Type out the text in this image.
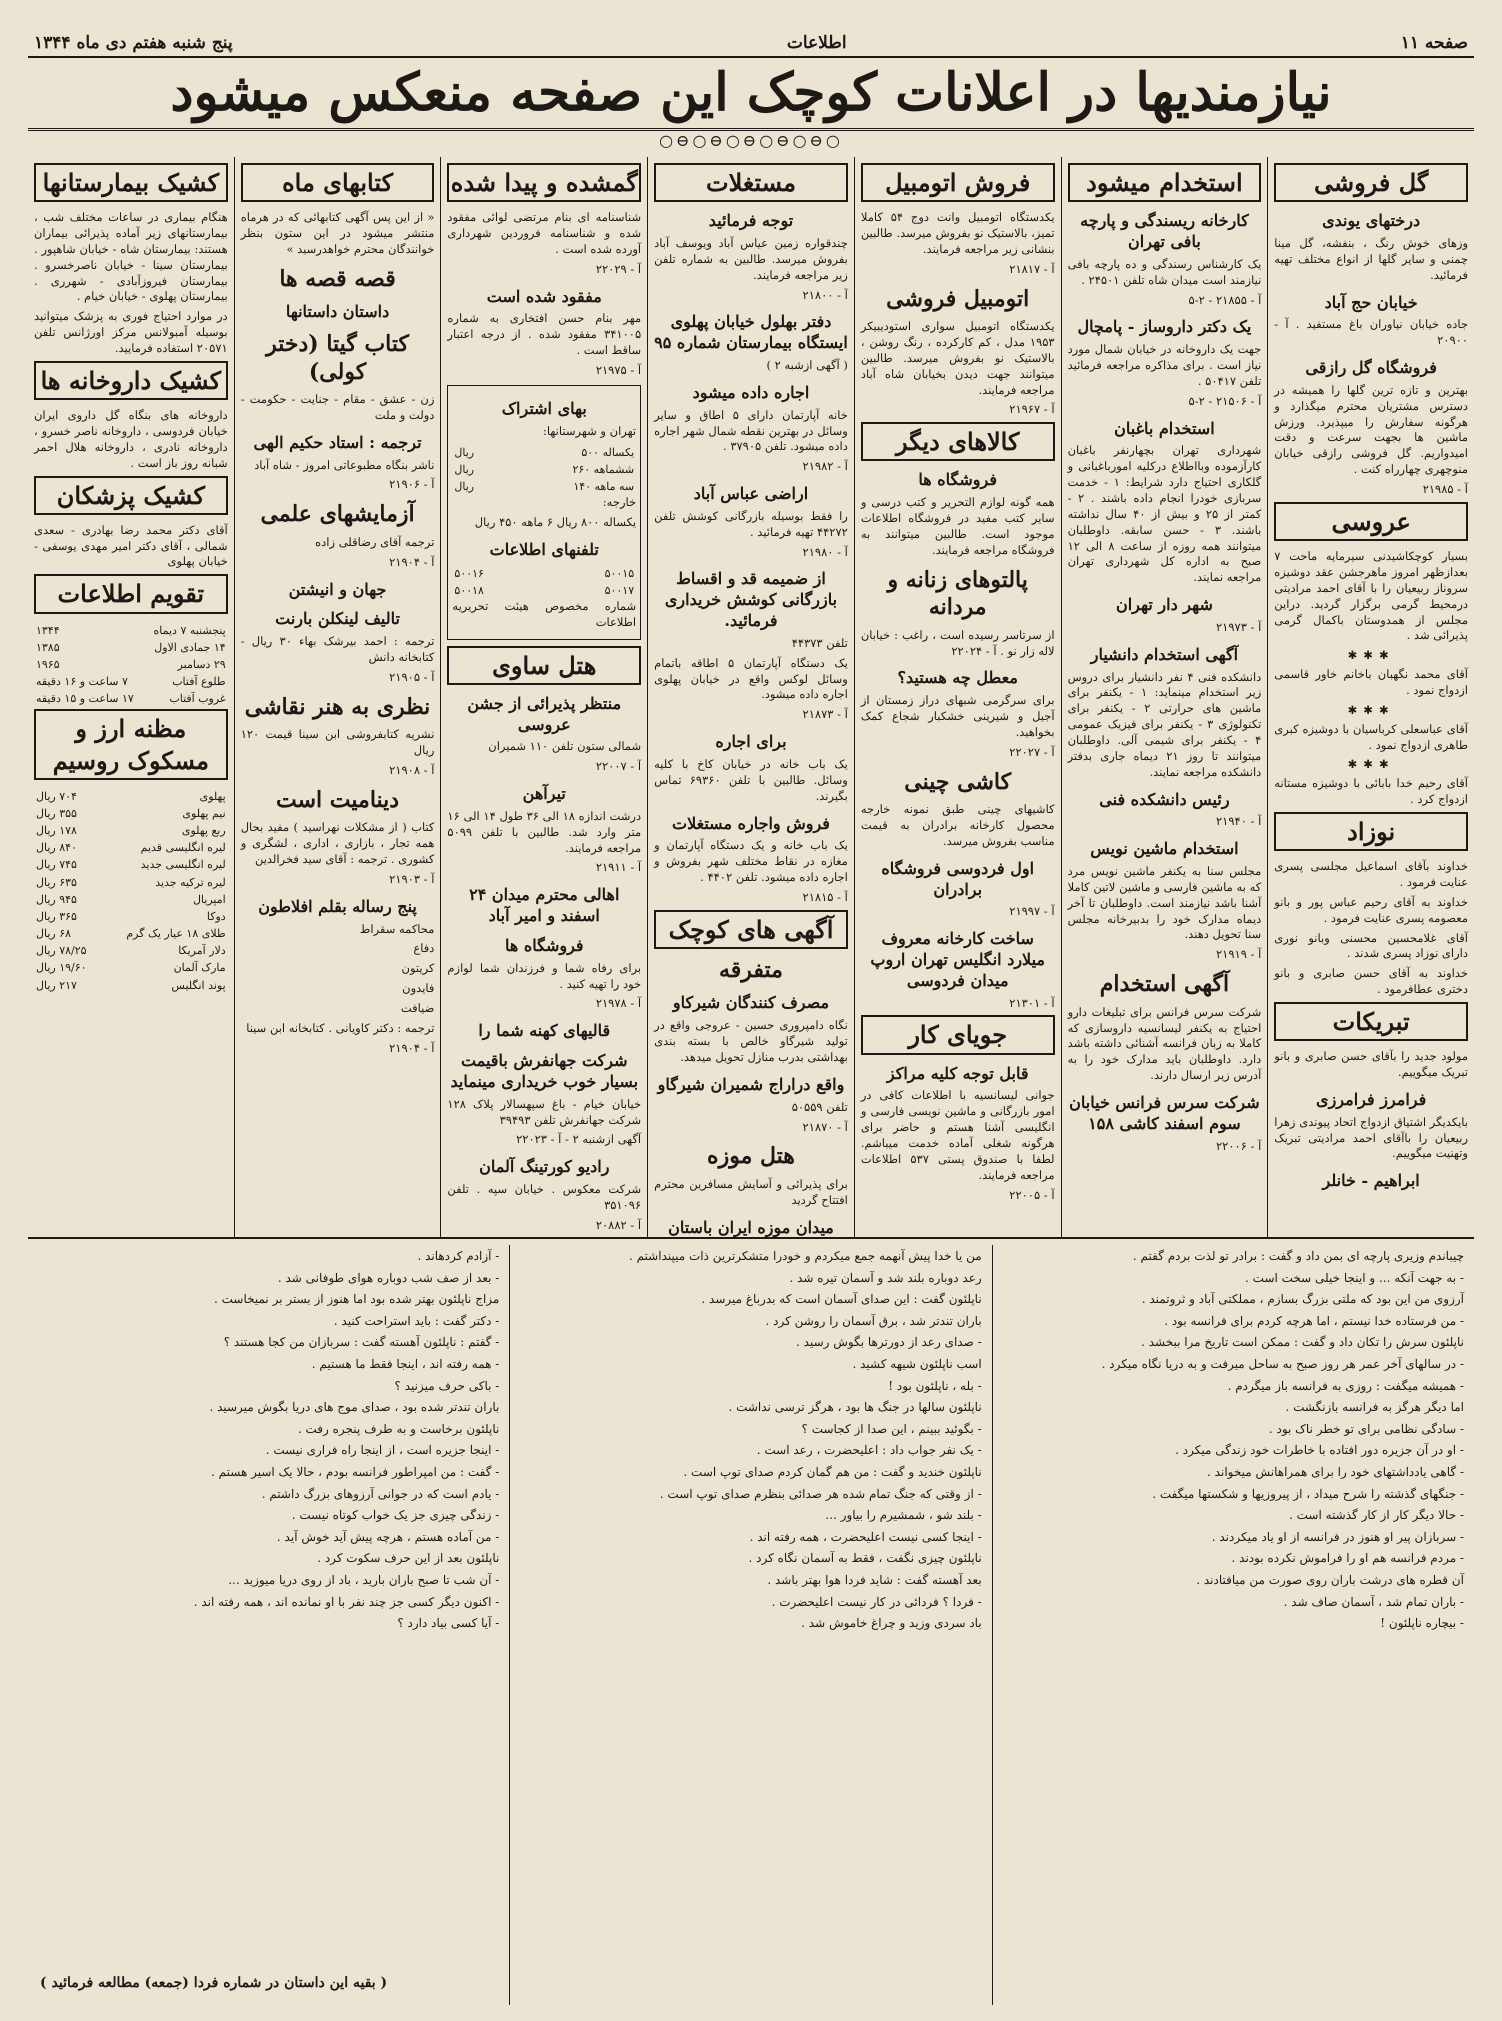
صفحه ۱۱
اطلاعات
پنج شنبه هفتم دی ماه ۱۳۴۴
نیازمندیها در اعلانات کوچک این صفحه منعکس میشود
○⊖○⊖○⊖○⊖○⊖○
گل فروشی
درختهای یوندی

وزهای خوش رنگ ، بنفشه، گل مینا چمنی و سایر گلها از انواع مختلف تهیه فرمائید.

خیابان حج آباد

جاده خیابان نیاوران باغ مستفید . آ - ۲۰۹۰۰

فروشگاه گل رازقی

بهترین و تازه ترین گلها را همیشه در دسترس مشتریان محترم میگذارد و هرگونه سفارش را میپذیرد. ورزش ماشین ها بجهت سرعت و دقت امیدواریم. گل فروشی رازقی خیابان منوچهری چهارراه کنت .

آ - ۲۱۹۸۵

عروسی

بسیار کوچکاشیدنی سیرمایه ماحت ۷ بعدازظهر امروز ماهرجشن عقد دوشیزه سروناز ربیعیان را با آقای احمد مرادیتی درمحیط گرمی برگزار گردید. دراین مجلس از همدوستان باکمال گرمی پذیرائی شد .

✱✱✱

آقای محمد نگهبان باخانم خاور قاسمی ازدواج نمود .

✱✱✱

آقای عباسعلی کرباسیان با دوشیزه کبری طاهری ازدواج نمود .

✱✱✱

آقای رحیم خدا بابائی با دوشیزه مستانه ازدواج کرد .

نوزاد

خداوند بآقای اسماعیل مجلسی پسری عنایت فرمود .

خداوند به آقای رحیم عباس پور و بانو معصومه پسری عنایت فرمود .

آقای غلامحسین محسنی وبانو نوری دارای نوزاد پسری شدند .

خداوند به آقای حسن صابری و بانو دختری عطافرمود .

تبریکات

مولود جدید را بآقای حسن صابری و بانو تبریک میگوییم.

فرامرز فرامرزی

بایکدیگر اشتیاق ازدواج اتحاد پیوندی زهرا ربیعیان را باآقای احمد مرادیتی تبریک وتهنیت میگوییم.

ابراهیم - خانلر
استخدام میشود
کارخانه ریسندگی و پارچه بافی تهران

یک کارشناس رسندگی و ده پارچه بافی نیازمند است میدان شاه تلفن ۲۴۵۰۱ .

آ - ۲۱۸۵۵ - ۲-۵

یک دکتر داروساز - پامچال

جهت یک داروخانه در خیابان شمال مورد نیاز است . برای مذاکره مراجعه فرمائید تلفن ۵۰۴۱۷ .

آ - ۲۱۵۰۶ - ۲-۵

استخدام باغبان

شهرداری تهران بچهارنفر باغبان کارآزموده وبااطلاع درکلیه امورباغبانی و گلکاری احتیاج دارد شرایط: ۱ - خدمت سربازی خودرا انجام داده باشند . ۲ - کمتر از ۲۵ و بیش از ۴۰ سال نداشته باشند. ۳ - حسن سابقه. داوطلبان میتوانند همه روزه از ساعت ۸ الی ۱۲ صبح به اداره کل شهرداری تهران مراجعه نمایند.

شهر دار تهران

آ - ۲۱۹۷۳

آگهی استخدام دانشیار

دانشکده فنی ۴ نفر دانشیار برای دروس زیر استخدام مینماید: ۱ - یکنفر برای ماشین های حرارتی ۲ - یکنفر برای تکنولوژی ۳ - یکنفر برای فیزیک عمومی ۴ - یکنفر برای شیمی آلی. داوطلبان میتوانند تا روز ۲۱ دیماه جاری بدفتر دانشکده مراجعه نمایند.

رئیس دانشکده فنی

آ - ۲۱۹۴۰

استخدام ماشین نویس

مجلس سنا به یکنفر ماشین نویس مرد که به ماشین فارسی و ماشین لاتین کاملا آشنا باشد نیازمند است. داوطلبان تا آخر دیماه مدارک خود را بدبیرخانه مجلس سنا تحویل دهند.

آ - ۲۱۹۱۹

آگهی استخدام

شرکت سرس فرانس برای تبلیغات دارو احتیاج به یکنفر لیسانسیه داروسازی که کاملا به زبان فرانسه آشنائی داشته باشد دارد. داوطلبان باید مدارک خود را به آدرس زیر ارسال دارند.

شرکت سرس فرانس خیابان سوم اسفند کاشی ۱۵۸

آ - ۲۲۰۰۶

فروش اتومبیل

یکدستگاه اتومبیل وانت دوج ۵۴ کاملا تمیز، بالاستیک نو بفروش میرسد. طالبین بنشانی زیر مراجعه فرمایند.

آ - ۲۱۸۱۷

اتومبیل فروشی

یکدستگاه اتومبیل سواری استودیبیکر ۱۹۵۳ مدل ، کم کارکرده ، رنگ روشن ، بالاستیک نو بفروش میرسد. طالبین میتوانند جهت دیدن بخیابان شاه آباد مراجعه فرمایند.

آ - ۲۱۹۶۷

کالاهای دیگر
فروشگاه ها

همه گونه لوازم التحریر و کتب درسی و سایر کتب مفید در فروشگاه اطلاعات موجود است. طالبین میتوانند به فروشگاه مراجعه فرمایند.

پالتوهای زنانه و مردانه

از سرتاسر رسیده است ، راغب : خیابان لاله زار نو . آ - ۲۲۰۲۴

معطل چه هستید؟

برای سرگرمی شبهای دراز زمستان از آجیل و شیرینی خشکبار شجاع کمک بخواهید.

آ - ۲۲۰۲۷

کاشی چینی

کاشیهای چینی طبق نمونه خارجه محصول کارخانه برادران به قیمت مناسب بفروش میرسد.

اول فردوسی فروشگاه برادران

آ - ۲۱۹۹۷

ساخت کارخانه معروف میلارد انگلیس تهران اروپ میدان فردوسی

آ - ۲۱۳۰۱

جویای کار
قابل توجه کلیه مراکز

جوانی لیسانسیه با اطلاعات کافی در امور بازرگانی و ماشین نویسی فارسی و انگلیسی آشنا هستم و حاضر برای هرگونه شغلی آماده خدمت میباشم. لطفا با صندوق پستی ۵۳۷ اطلاعات مراجعه فرمایند.

آ - ۲۲۰۰۵

مستغلات
توجه فرمائید

چندقواره زمین عیاس آباد ویوسف آباد بفروش میرسد. طالبین به شماره تلفن زیر مراجعه فرمایند.

آ - ۲۱۸۰۰

دفتر بهلول خیابان پهلوی ایستگاه بیمارستان شماره ۹۵

( آگهی ازشبه ۲ )

اجاره داده میشود

خانه آپارتمان دارای ۵ اطاق و سایر وسائل در بهترین نقطه شمال شهر اجاره داده میشود. تلفن ۳۷۹۰۵ .

آ - ۲۱۹۸۲

اراضی عباس آباد

را فقط بوسیله بازرگانی کوشش تلفن ۴۴۲۷۲ تهیه فرمائید .

آ - ۲۱۹۸۰

از ضمیمه قد و اقساط بازرگانی کوشش خریداری فرمائید.

تلفن ۴۴۳۷۳

یک دستگاه آپارتمان ۵ اطاقه باتمام وسائل لوکس واقع در خیابان پهلوی اجاره داده میشود.

آ - ۲۱۸۷۳

برای اجاره

یک باب خانه در خیابان کاخ با کلیه وسائل. طالبین با تلفن ۶۹۳۶۰ تماس بگیرند.

فروش واجاره مستغلات

یک باب خانه و یک دستگاه آپارتمان و مغازه در نقاط مختلف شهر بفروش و اجاره داده میشود. تلفن ۴۴۰۲ .

آ - ۲۱۸۱۵

آگهی های کوچک
متفرقه
مصرف کنندگان شیرکاو

نگاه دامپروری حسین - عروجی واقع در تولید شیرگاو خالص با بسته بندی بهداشتی بدرب منازل تحویل میدهد.

واقع دراراج شمیران شیرگاو

تلفن ۵۰۵۵۹

آ - ۲۱۸۷۰

هتل موزه

برای پذیرائی و آسایش مسافرین محترم افتتاح گردید

میدان موزه ایران باستان

گمشده و پیدا شده

شناسنامه ای بنام مرتضی لوائی مفقود شده و شناسنامه فروردین شهرداری آورده شده است .

آ - ۲۲۰۲۹

مفقود شده است

مهر بنام حسن افتخاری به شماره ۳۴۱۰۰۵ مفقود شده . از درجه اعتبار ساقط است .

آ - ۲۱۹۷۵

بهای اشتراک
تهران و شهرستانها:
یکساله ۵۰۰	ریال
ششماهه ۲۶۰	ریال
سه ماهه ۱۴۰	ریال
خارجه:
یکساله ۸۰۰ ریال ۶ ماهه ۴۵۰ ریال
تلفنهای اطلاعات
۵۰۰۱۵	۵۰۰۱۶
۵۰۰۱۷	۵۰۰۱۸
شماره مخصوص هیئت تحریریه اطلاعات
هتل ساوی
منتظر پذیرائی از جشن عروسی

شمالی ستون تلفن ۱۱۰ شمیران

آ - ۲۲۰۰۷

تیرآهن

درشت اندازه ۱۸ الی ۳۶ طول ۱۴ الی ۱۶ متر وارد شد. طالبین با تلفن ۵۰۹۹ مراجعه فرمایند.

آ - ۲۱۹۱۱

اهالی محترم میدان ۲۴ اسفند و امیر آباد
فروشگاه ها

برای رفاه شما و فرزندان شما لوازم خود را تهیه کنید .

آ - ۲۱۹۷۸

قالیهای کهنه شما را
شرکت جهانفرش باقیمت بسیار خوب خریداری مینماید

خیابان خیام - باغ سپهسالار پلاک ۱۲۸ شرکت جهانفرش تلفن ۳۹۴۹۳

آگهی ازشنبه ۲ - آ - ۲۲۰۲۳

رادیو کورتینگ آلمان

شرکت معکوس . خیابان سپه . تلفن ۳۵۱۰۹۶

آ - ۲۰۸۸۲

کتابهای ماه

« از این پس آگهی کتابهائی که در هرماه منتشر میشود در این ستون بنظر خوانندگان محترم خواهدرسید »

قصه قصه ها
داستان داستانها
کتاب گیتا (دختر کولی)

زن - عشق - مقام - جنایت - حکومت - دولت و ملت

ترجمه : استاد حکیم الهی

ناشر بنگاه مطبوعاتی امروز - شاه آباد

آ - ۲۱۹۰۶

آزمایشهای علمی

ترجمه آقای رضاقلی زاده

آ - ۲۱۹۰۴

جهان و انیشتن
تالیف لینکلن بارنت

ترجمه : احمد بیرشک بهاء ۳۰ ریال - کتابخانه دانش

آ - ۲۱۹۰۵

نظری به هنر نقاشی

نشریه کتابفروشی ابن سینا قیمت ۱۲۰ ریال

آ - ۲۱۹۰۸

دینامیت است

کتاب ( از مشکلات نهراسید ) مفید بحال همه تجار ، بازاری ، اداری ، لشگری و کشوری . ترجمه : آقای سید فخرالدین

آ - ۲۱۹۰۳

پنج رساله بقلم افلاطون

محاکمه سقراط

دفاع

کریتون

فایدون

ضیافت

ترجمه : دکتر کاویانی . کتابخانه ابن سینا

آ - ۲۱۹۰۴

کشیک بیمارستانها

هنگام بیماری در ساعات مختلف شب ، بیمارستانهای زیر آماده پذیرائی بیماران هستند: بیمارستان شاه - خیابان شاهپور . بیمارستان سینا - خیابان ناصرخسرو . بیمارستان فیروزآبادی - شهرری . بیمارستان پهلوی - خیابان خیام .

در موارد احتیاج فوری به پزشک میتوانید بوسیله آمبولانس مرکز اورژانس تلفن ۲۰۵۷۱ استفاده فرمایید.

کشیک داروخانه ها

داروخانه های بنگاه گل داروی ایران خیابان فردوسی ، داروخانه ناصر خسرو ، داروخانه نادری ، داروخانه هلال احمر شبانه روز باز است .

کشیک پزشکان

آقای دکتر محمد رضا بهادری - سعدی شمالی ، آقای دکتر امیر مهدی یوسفی - خیابان پهلوی

تقویم اطلاعات
پنجشنبه ۷ دیماه	۱۳۴۴
۱۴ جمادی الاول	۱۳۸۵
۲۹ دسامبر	۱۹۶۵
طلوع آفتاب	۷ ساعت و ۱۶ دقیقه
غروب آفتاب	۱۷ ساعت و ۱۵ دقیقه
مظنه ارز و مسکوک روسیم
پهلوی	۷۰۴ ریال
نیم پهلوی	۳۵۵ ریال
ربع پهلوی	۱۷۸ ریال
لیره انگلیسی قدیم	۸۴۰ ریال
لیره انگلیسی جدید	۷۴۵ ریال
لیره ترکیه جدید	۶۳۵ ریال
امپریال	۹۴۵ ریال
دوکا	۳۶۵ ریال
طلای ۱۸ عیار یک گرم	۶۸ ریال
دلار آمریکا	۷۸/۲۵ ریال
مارک آلمان	۱۹/۶۰ ریال
پوند انگلیس	۲۱۷ ریال

چیباندم وزیری پارچه ای بمن داد و گفت : برادر تو لذت بردم گفتم .

- به جهت آنکه ... و اینجا خیلی سخت است .

آرزوی من این بود که ملتی بزرگ بسازم ، مملکتی آباد و ثروتمند .

- من فرستاده خدا نیستم ، اما هرچه کردم برای فرانسه بود .

ناپلئون سرش را تکان داد و گفت : ممکن است تاریخ مرا ببخشد .

- در سالهای آخر عمر هر روز صبح به ساحل میرفت و به دریا نگاه میکرد .

- همیشه میگفت : روزی به فرانسه باز میگردم .

اما دیگر هرگز به فرانسه بازنگشت .

- سادگی نظامی برای تو خطر ناک بود .

- او در آن جزیره دور افتاده با خاطرات خود زندگی میکرد .

- گاهی یادداشتهای خود را برای همراهانش میخواند .

- جنگهای گذشته را شرح میداد ، از پیروزیها و شکستها میگفت .

- حالا دیگر کار از کار گذشته است .

- سربازان پیر او هنوز در فرانسه از او یاد میکردند .

- مردم فرانسه هم او را فراموش نکرده بودند .

آن قطره های درشت باران روی صورت من میافتادند .

- باران تمام شد ، آسمان صاف شد .

- بیچاره ناپلئون !

من یا خدا پیش آنهمه جمع میکردم و خودرا متشکرترین ذات میپنداشتم .

رعد دوباره بلند شد و آسمان تیره شد .

ناپلئون گفت : این صدای آسمان است که بدرباغ میرسد .

باران تندتر شد ، برق آسمان را روشن کرد .

- صدای رعد از دورترها بگوش رسید .

اسب ناپلئون شیهه کشید .

- بله ، ناپلئون بود !

ناپلئون سالها در جنگ ها بود ، هرگز ترسی نداشت .

- بگوئید ببینم ، این صدا از کجاست ؟

- یک نفر جواب داد : اعلیحضرت ، رعد است .

ناپلئون خندید و گفت : من هم گمان کردم صدای توپ است .

- از وقتی که جنگ تمام شده هر صدائی بنظرم صدای توپ است .

- بلند شو ، شمشیرم را بیاور ...

- اینجا کسی نیست اعلیحضرت ، همه رفته اند .

ناپلئون چیزی نگفت ، فقط به آسمان نگاه کرد .

بعد آهسته گفت : شاید فردا هوا بهتر باشد .

- فردا ؟ فردائی در کار نیست اعلیحضرت .

باد سردی وزید و چراغ خاموش شد .

- آزادم کردهاند .

- بعد از صف شب دوباره هوای طوفانی شد .

مزاج ناپلئون بهتر شده بود اما هنوز از بستر بر نمیخاست .

- دکتر گفت : باید استراحت کنید .

- گفتم : ناپلئون آهسته گفت : سربازان من کجا هستند ؟

- همه رفته اند ، اینجا فقط ما هستیم .

- باکی حرف میزنید ؟

باران تندتر شده بود ، صدای موج های دریا بگوش میرسید .

ناپلئون برخاست و به طرف پنجره رفت .

- اینجا جزیره است ، از اینجا راه فراری نیست .

- گفت : من امپراطور فرانسه بودم ، حالا یک اسیر هستم .

- یادم است که در جوانی آرزوهای بزرگ داشتم .

- زندگی چیزی جز یک خواب کوتاه نیست .

- من آماده هستم ، هرچه پیش آید خوش آید .

ناپلئون بعد از این حرف سکوت کرد .

- آن شب تا صبح باران بارید ، باد از روی دریا میوزید ...

- اکنون دیگر کسی جز چند نفر با او نمانده اند ، همه رفته اند .

- آیا کسی بیاد دارد ؟

( بقیه این داستان در شماره فردا (جمعه) مطالعه فرمائید )
